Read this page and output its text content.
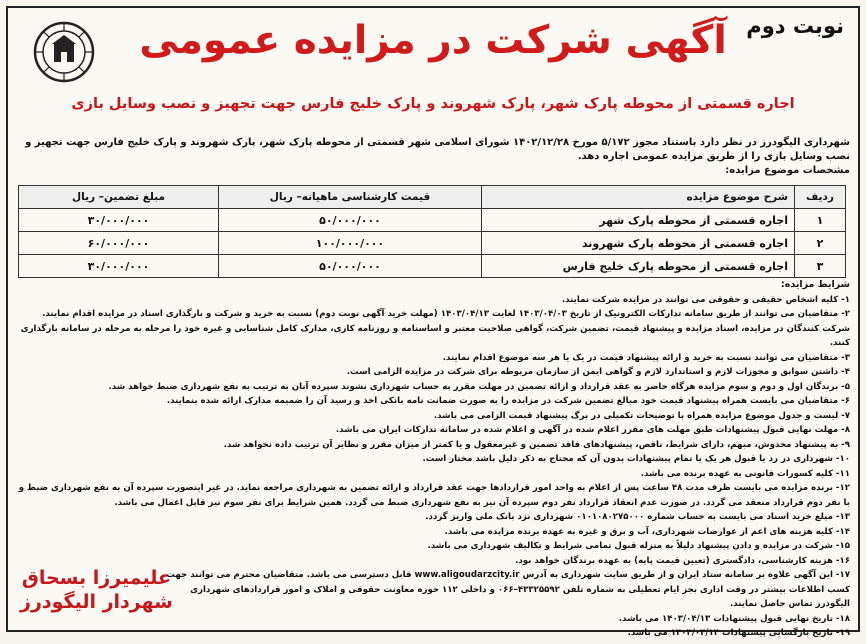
نوبت دوم
آگهی شرکت در مزایده عمومی
اجاره قسمتی از محوطه پارک شهر، پارک شهروند و پارک خلیج فارس جهت تجهیز و نصب وسایل بازی
شهرداری الیگودرز در نظر دارد باستناد مجوز ۵/۱۷۲ مورخ ۱۴۰۲/۱۲/۲۸ شورای اسلامی شهر قسمتی از محوطه پارک شهر، پارک شهروند و پارک خلیج فارس جهت تجهیز و نصب وسایل بازی را از طریق مزایده عمومی اجاره دهد.
مشخصات موضوع مزایده:
ردیف	شرح موضوع مزایده	قیمت کارشناسی ماهیانه– ریال	مبلغ تضمین– ریال
۱	اجاره قسمتی از محوطه پارک شهر	۵۰/۰۰۰/۰۰۰	۳۰/۰۰۰/۰۰۰
۲	اجاره قسمتی از محوطه پارک شهروند	۱۰۰/۰۰۰/۰۰۰	۶۰/۰۰۰/۰۰۰
۳	اجاره قسمتی از محوطه پارک خلیج فارس	۵۰/۰۰۰/۰۰۰	۳۰/۰۰۰/۰۰۰
شرایط مزایده:
۱- کلیه اشخاص حقیقی و حقوقی می توانند در مزایده شرکت نمایند.
۲- متقاضیان می توانند از طریق سامانه تدارکات الکترونیک از تاریخ ۱۴۰۳/۰۴/۰۳ لغایت ۱۴۰۳/۰۴/۱۳ (مهلت خرید آگهی نوبت دوم) نسبت به خرید و شرکت و بارگذاری اسناد در مزایده اقدام نمایند. شرکت کنندگان در مزایده، اسناد مزایده و پیشنهاد قیمت، تضمین شرکت، گواهی صلاحیت معتبر و اساسنامه و روزنامه کاری، مدارک کامل شناسایی و غیره خود را مرحله به مرحله در سامانه بارگذاری کنند.
۳- متقاضیان می توانند نسبت به خرید و ارائه پیشنهاد قیمت در یک یا هر سه موضوع اقدام نمایند.
۴- داشتن سوابق و مجوزات لازم و استاندارد لازم و گواهی ایمن از سازمان مربوطه برای شرکت در مزایده الزامی است.
۵- برندگان اول و دوم و سوم مزایده هرگاه حاضر به عقد قرارداد و ارائه تضمین در مهلت مقرر به حساب شهرداری نشوند سپرده آنان به ترتیب به نفع شهرداری ضبط خواهد شد.
۶- متقاضیان می بایست همراه پیشنهاد قیمت خود مبالغ تضمین شرکت در مزایده را به صورت ضمانت نامه بانکی اخذ و رسید آن را ضمیمه مدارک ارائه شده بنمایند.
۷- لیست و جدول موضوع مزایده همراه با توضیحات تکمیلی در برگ پیشنهاد قیمت الزامی می باشد.
۸- مهلت نهایی قبول پیشنهادات طبق مهلت های مقرر اعلام شده در آگهی و اعلام شده در سامانه تدارکات ایران می باشد.
۹- به پیشنهاد مخدوش، مبهم، دارای شرایط، ناقص، پیشنهادهای فاقد تضمین و غیرمعقول و یا کمتر از میزان مقرر و نظایر آن ترتیب داده نخواهد شد.
۱۰- شهرداری در رد یا قبول هر یک یا تمام پیشنهادات بدون آن که محتاج به ذکر دلیل باشد مختار است.
۱۱- کلیه کسورات قانونی به عهده برنده می باشد.
۱۲- برنده مزایده می بایست ظرف مدت ۴۸ ساعت پس از اعلام به واحد امور قراردادها جهت عقد قرارداد و ارائه تضمین به شهرداری مراجعه نماید. در غیر اینصورت سپرده آن به نفع شهرداری ضبط و با نفر دوم قرارداد منعقد می گردد. در صورت عدم انعقاد قرارداد نفر دوم سپرده آن نیز به نفع شهرداری ضبط می گردد. همین شرایط برای نفر سوم نیز قابل اعمال می باشد.
۱۳- مبلغ خرید اسناد می بایست به حساب شماره ۰۱۰۱۰۸۰۲۷۵۰۰۰ شهرداری نزد بانک ملی واریز گردد.
۱۴- کلیه هزینه های اعم از عوارضات شهرداری، آب و برق و غیره به عهده برنده مزایده می باشد.
۱۵- شرکت در مزایده و دادن پیشنهاد دلیلاً به منزله قبول تمامی شرایط و تکالیف شهرداری می باشد.
۱۶- هزینه کارشناسی، دادگستری (تعیین قیمت پایه) به عهده برندگان خواهد بود.
۱۷- این آگهی علاوه بر سامانه ستاد ایران و از طریق سایت شهرداری به آدرس www.aligoudarzcity.ir قابل دسترسی می باشد. متقاضیان محترم می توانند جهت کسب اطلاعات بیشتر در وقت اداری بجز ایام تعطیلی به شماره تلفن ۴۳۳۲۵۵۹۲–۰۶۶ و داخلی ۱۱۲ حوزه معاونت حقوقی و املاک و امور قراردادهای شهرداری الیگودرز تماس حاصل نمایند.
۱۸- تاریخ نهایی قبول پیشنهادات ۱۴۰۳/۰۴/۱۳ می باشد.
۱۹- تاریخ بازگشایی پیشنهادات ۱۴۰۳/۰۴/۱۴ می باشد.
علیمیرزا بسحاق
شهردار الیگودرز
